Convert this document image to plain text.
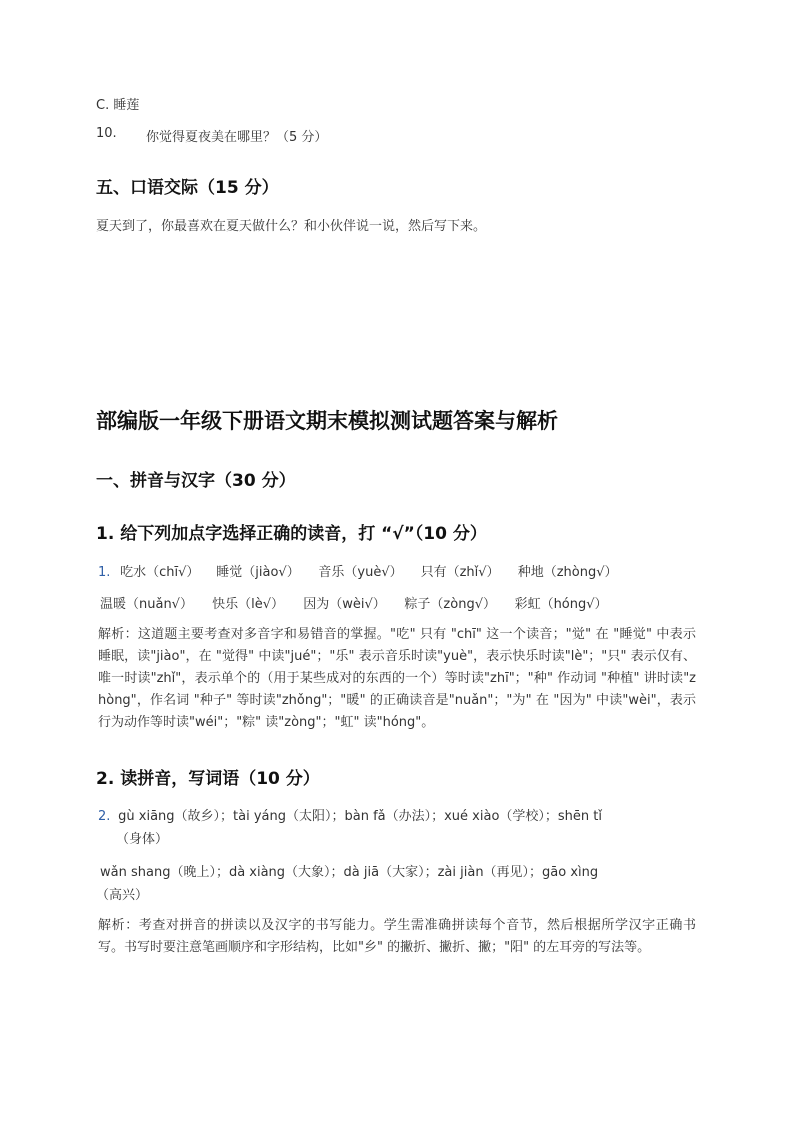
C. 睡莲
10. 你觉得夏夜美在哪里？（5 分）
五、口语交际（15 分）
夏天到了，你最喜欢在夏天做什么？和小伙伴说一说，然后写下来。
部编版一年级下册语文期末模拟测试题答案与解析
一、拼音与汉字（30 分）
1. 给下列加点字选择正确的读音，打 “√”（10 分）
1. 吃水（chī√） 睡觉（jiào√） 音乐（yuè√） 只有（zhǐ√） 种地（zhòng√）
温暖（nuǎn√） 快乐（lè√） 因为（wèi√） 粽子（zòng√） 彩虹（hóng√）
解析：这道题主要考查对多音字和易错音的掌握。"吃" 只有 "chī" 这一个读音；"觉" 在 "睡觉" 中表示睡眠，读"jiào"，在 "觉得" 中读"jué"；"乐" 表示音乐时读"yuè"，表示快乐时读"lè"；"只" 表示仅有、唯一时读"zhǐ"，表示单个的（用于某些成对的东西的一个）等时读"zhī"；"种" 作动词 "种植" 讲时读"zhòng"，作名词 "种子" 等时读"zhǒng"；"暖" 的正确读音是"nuǎn"；"为" 在 "因为" 中读"wèi"，表示行为动作等时读"wéi"；"粽" 读"zòng"；"虹" 读"hóng"。
2. 读拼音，写词语（10 分）
2. gù xiāng（故乡）；tài yáng（太阳）；bàn fǎ（办法）；xué xiào（学校）；shēn tǐ
（身体）
wǎn shang（晚上）；dà xiàng（大象）；dà jiā（大家）；zài jiàn（再见）；gāo xìng
（高兴）
解析：考查对拼音的拼读以及汉字的书写能力。学生需准确拼读每个音节，然后根据所学汉字正确书写。书写时要注意笔画顺序和字形结构，比如"乡" 的撇折、撇折、撇；"阳" 的左耳旁的写法等。
